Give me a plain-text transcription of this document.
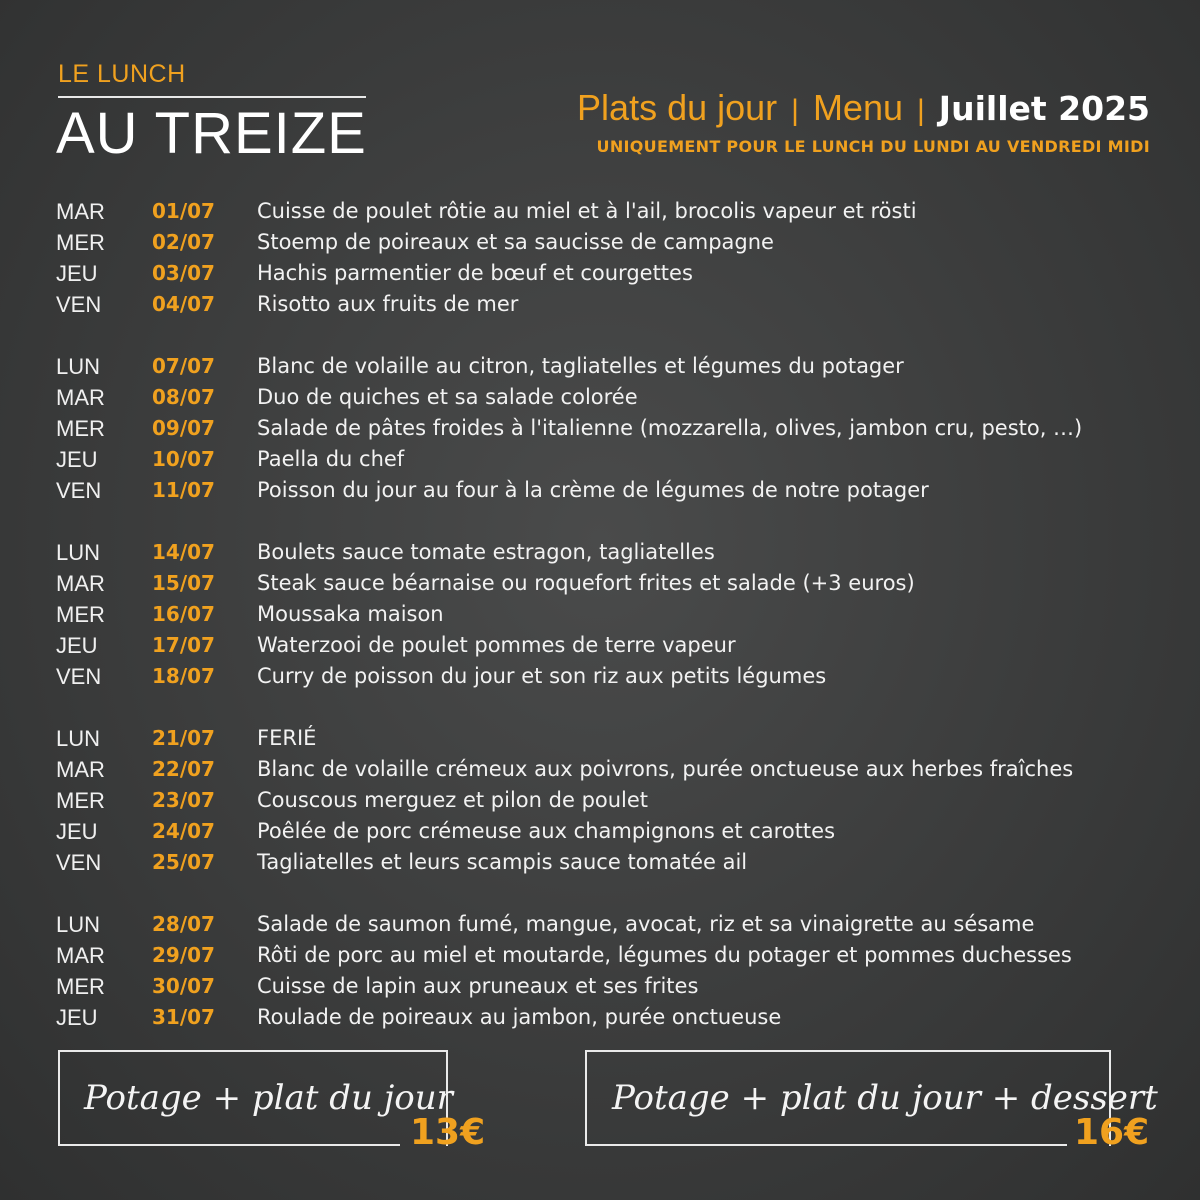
LE LUNCH
AU TREIZE	Plats du jour | Menu | Juillet 2025
UNIQUEMENT POUR LE LUNCH DU LUNDI AU VENDREDI MIDI
MAR	01/07	Cuisse de poulet rôtie au miel et à l'ail, brocolis vapeur et rösti
MER	02/07	Stoemp de poireaux et sa saucisse de campagne
JEU	03/07	Hachis parmentier de bœuf et courgettes
VEN	04/07	Risotto aux fruits de mer
LUN	07/07	Blanc de volaille au citron, tagliatelles et légumes du potager
MAR	08/07	Duo de quiches et sa salade colorée
MER	09/07	Salade de pâtes froides à l'italienne (mozzarella, olives, jambon cru, pesto, …)
JEU	10/07	Paella du chef
VEN	11/07	Poisson du jour au four à la crème de légumes de notre potager
LUN	14/07	Boulets sauce tomate estragon, tagliatelles
MAR	15/07	Steak sauce béarnaise ou roquefort frites et salade (+3 euros)
MER	16/07	Moussaka maison
JEU	17/07	Waterzooi de poulet pommes de terre vapeur
VEN	18/07	Curry de poisson du jour et son riz aux petits légumes
LUN	21/07	FERIÉ
MAR	22/07	Blanc de volaille crémeux aux poivrons, purée onctueuse aux herbes fraîches
MER	23/07	Couscous merguez et pilon de poulet
JEU	24/07	Poêlée de porc crémeuse aux champignons et carottes
VEN	25/07	Tagliatelles et leurs scampis sauce tomatée ail
LUN	28/07	Salade de saumon fumé, mangue, avocat, riz et sa vinaigrette au sésame
MAR	29/07	Rôti de porc au miel et moutarde, légumes du potager et pommes duchesses
MER	30/07	Cuisse de lapin aux pruneaux et ses frites
JEU	31/07	Roulade de poireaux au jambon, purée onctueuse
Potage + plat du jour
13€
Potage + plat du jour + dessert
16€
